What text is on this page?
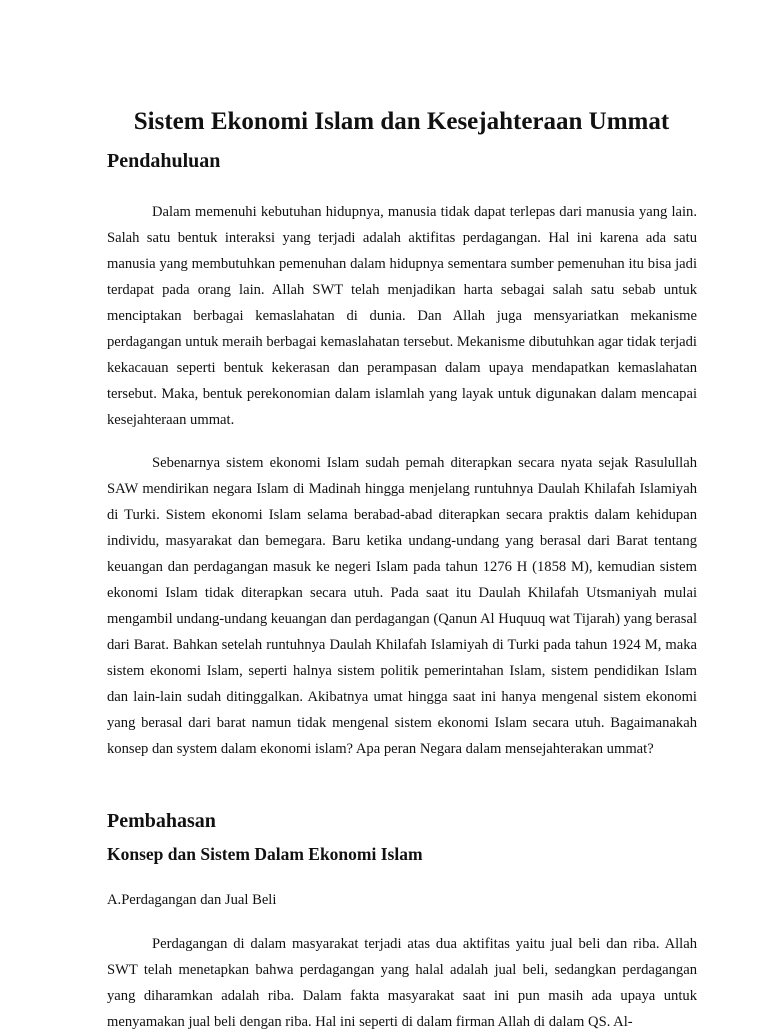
Sistem Ekonomi Islam dan Kesejahteraan Ummat
Pendahuluan

Dalam memenuhi kebutuhan hidupnya, manusia tidak dapat terlepas dari manusia yang lain. Salah satu bentuk interaksi yang terjadi adalah aktifitas perdagangan. Hal ini karena ada satu manusia yang membutuhkan pemenuhan dalam hidupnya sementara sumber pemenuhan itu bisa jadi terdapat pada orang lain. Allah SWT telah menjadikan harta sebagai salah satu sebab untuk menciptakan berbagai kemaslahatan di dunia. Dan Allah juga mensyariatkan mekanisme perdagangan untuk meraih berbagai kemaslahatan tersebut. Mekanisme dibutuhkan agar tidak terjadi kekacauan seperti bentuk kekerasan dan perampasan dalam upaya mendapatkan kemaslahatan tersebut. Maka, bentuk perekonomian dalam islamlah yang layak untuk digunakan dalam mencapai kesejahteraan ummat.

Sebenarnya sistem ekonomi Islam sudah pemah diterapkan secara nyata sejak Rasulullah SAW mendirikan negara Islam di Madinah hingga menjelang runtuhnya Daulah Khilafah Islamiyah di Turki. Sistem ekonomi Islam selama berabad-abad diterapkan secara praktis dalam kehidupan individu, masyarakat dan bemegara. Baru ketika undang-undang yang berasal dari Barat tentang keuangan dan perdagangan masuk ke negeri Islam pada tahun 1276 H (1858 M), kemudian sistem ekonomi Islam tidak diterapkan secara utuh. Pada saat itu Daulah Khilafah Utsmaniyah mulai mengambil undang-undang keuangan dan perdagangan (Qanun Al Huquuq wat Tijarah) yang berasal dari Barat. Bahkan setelah runtuhnya Daulah Khilafah Islamiyah di Turki pada tahun 1924 M, maka sistem ekonomi Islam, seperti halnya sistem politik pemerintahan Islam, sistem pendidikan Islam dan lain-lain sudah ditinggalkan. Akibatnya umat hingga saat ini hanya mengenal sistem ekonomi yang berasal dari barat namun tidak mengenal sistem ekonomi Islam secara utuh. Bagaimanakah konsep dan system dalam ekonomi islam? Apa peran Negara dalam mensejahterakan ummat?

Pembahasan
Konsep dan Sistem Dalam Ekonomi Islam

A.Perdagangan dan Jual Beli

Perdagangan di dalam masyarakat terjadi atas dua aktifitas yaitu jual beli dan riba. Allah SWT telah menetapkan bahwa perdagangan yang halal adalah jual beli, sedangkan perdagangan yang diharamkan adalah riba. Dalam fakta masyarakat saat ini pun masih ada upaya untuk menyamakan jual beli dengan riba. Hal ini seperti di dalam firman Allah di dalam QS. Al-
